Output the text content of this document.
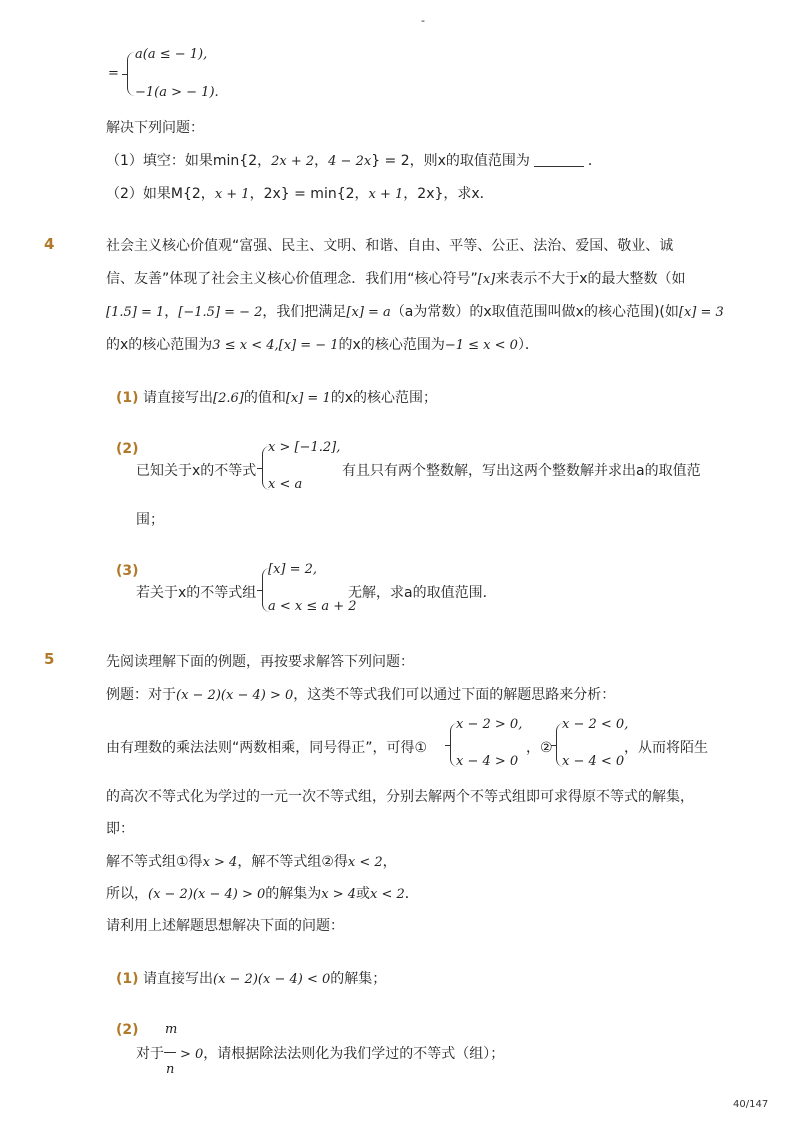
-
=
a(a ≤ − 1),
−1(a > − 1).
解决下列问题：
（1）填空：如果min{2，2x + 2，4 − 2x} = 2，则x的取值范围为	．
（2）如果M{2，x + 1，2x} = min{2，x + 1，2x}，求x．
4	社会主义核心价值观“富强、民主、文明、和谐、自由、平等、公正、法治、爱国、敬业、诚
信、友善”体现了社会主义核心价值理念．我们用“核心符号”[x]来表示不大于x的最大整数（如
[1.5] = 1，[−1.5] = − 2，我们把满足[x] = a（a为常数）的x取值范围叫做x的核心范围)(如[x] = 3
的x的核心范围为3 ≤ x < 4,[x] = − 1的x的核心范围为−1 ≤ x < 0）．
(1) 请直接写出[2.6]的值和[x] = 1的x的核心范围；
(2)
已知关于x的不等式
x > [−1.2],
x < a
有且只有两个整数解，写出这两个整数解并求出a的取值范
围；
(3)
若关于x的不等式组
[x] = 2,
a < x ≤ a + 2
无解，求a的取值范围．
5	先阅读理解下面的例题，再按要求解答下列问题：
例题：对于(x − 2)(x − 4) > 0，这类不等式我们可以通过下面的解题思路来分析：
由有理数的乘法法则“两数相乘，同号得正”，可得①
x − 2 > 0,
x − 4 > 0
，②
x − 2 < 0,
x − 4 < 0
，从而将陌生
的高次不等式化为学过的一元一次不等式组，分别去解两个不等式组即可求得原不等式的解集，
即：
解不等式组①得x > 4，解不等式组②得x < 2，
所以，(x − 2)(x − 4) > 0的解集为x > 4或x < 2．
请利用上述解题思想解决下面的问题：
(1) 请直接写出(x − 2)(x − 4) < 0的解集；
(2) m
n
对于 > 0，请根据除法法则化为我们学过的不等式（组）；
40/147
